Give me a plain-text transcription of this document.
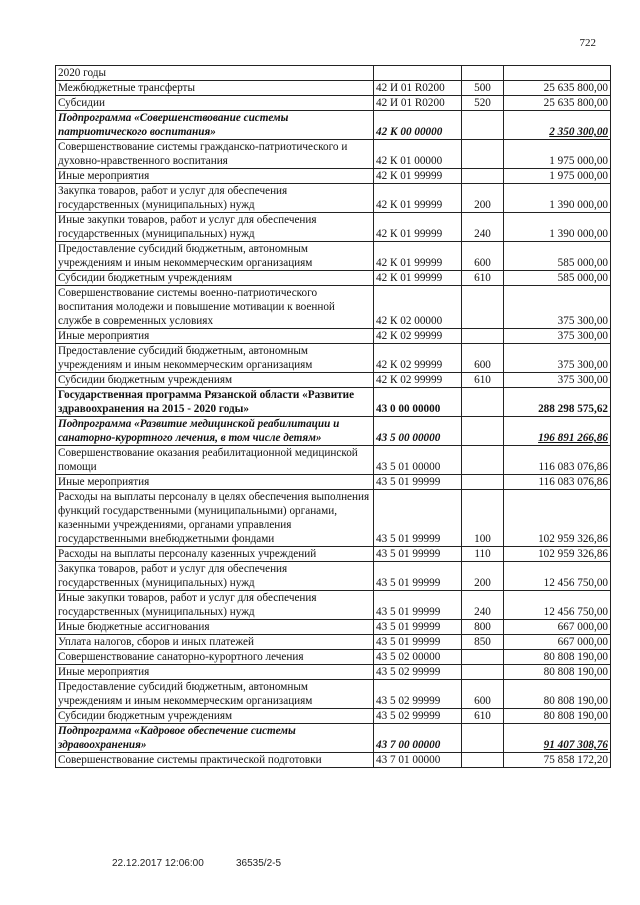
722
2020 годы			
Межбюджетные трансферты	42 И 01 R0200	500	25 635 800,00
Субсидии	42 И 01 R0200	520	25 635 800,00
Подпрограмма «Совершенствование системы патриотического воспитания»	42 К 00 00000		2 350 300,00
Совершенствование системы гражданско-патриотического и духовно-нравственного воспитания	42 К 01 00000		1 975 000,00
Иные мероприятия	42 К 01 99999		1 975 000,00
Закупка товаров, работ и услуг для обеспечения государственных (муниципальных) нужд	42 К 01 99999	200	1 390 000,00
Иные закупки товаров, работ и услуг для обеспечения государственных (муниципальных) нужд	42 К 01 99999	240	1 390 000,00
Предоставление субсидий бюджетным, автономным учреждениям и иным некоммерческим организациям	42 К 01 99999	600	585 000,00
Субсидии бюджетным учреждениям	42 К 01 99999	610	585 000,00
Совершенствование системы военно-патриотического воспитания молодежи и повышение мотивации к военной службе в современных условиях	42 К 02 00000		375 300,00
Иные мероприятия	42 К 02 99999		375 300,00
Предоставление субсидий бюджетным, автономным учреждениям и иным некоммерческим организациям	42 К 02 99999	600	375 300,00
Субсидии бюджетным учреждениям	42 К 02 99999	610	375 300,00
Государственная программа Рязанской области «Развитие здравоохранения на 2015 - 2020 годы»	43 0 00 00000		288 298 575,62
Подпрограмма «Развитие медицинской реабилитации и санаторно-курортного лечения, в том числе детям»	43 5 00 00000		196 891 266,86
Совершенствование оказания реабилитационной медицинской помощи	43 5 01 00000		116 083 076,86
Иные мероприятия	43 5 01 99999		116 083 076,86
Расходы на выплаты персоналу в целях обеспечения выполнения функций государственными (муниципальными) органами, казенными учреждениями, органами управления государственными внебюджетными фондами	43 5 01 99999	100	102 959 326,86
Расходы на выплаты персоналу казенных учреждений	43 5 01 99999	110	102 959 326,86
Закупка товаров, работ и услуг для обеспечения государственных (муниципальных) нужд	43 5 01 99999	200	12 456 750,00
Иные закупки товаров, работ и услуг для обеспечения государственных (муниципальных) нужд	43 5 01 99999	240	12 456 750,00
Иные бюджетные ассигнования	43 5 01 99999	800	667 000,00
Уплата налогов, сборов и иных платежей	43 5 01 99999	850	667 000,00
Совершенствование санаторно-курортного лечения	43 5 02 00000		80 808 190,00
Иные мероприятия	43 5 02 99999		80 808 190,00
Предоставление субсидий бюджетным, автономным учреждениям и иным некоммерческим организациям	43 5 02 99999	600	80 808 190,00
Субсидии бюджетным учреждениям	43 5 02 99999	610	80 808 190,00
Подпрограмма «Кадровое обеспечение системы здравоохранения»	43 7 00 00000		91 407 308,76
Совершенствование системы практической подготовки	43 7 01 00000		75 858 172,20
22.12.2017 12:06:00	36535/2-5
